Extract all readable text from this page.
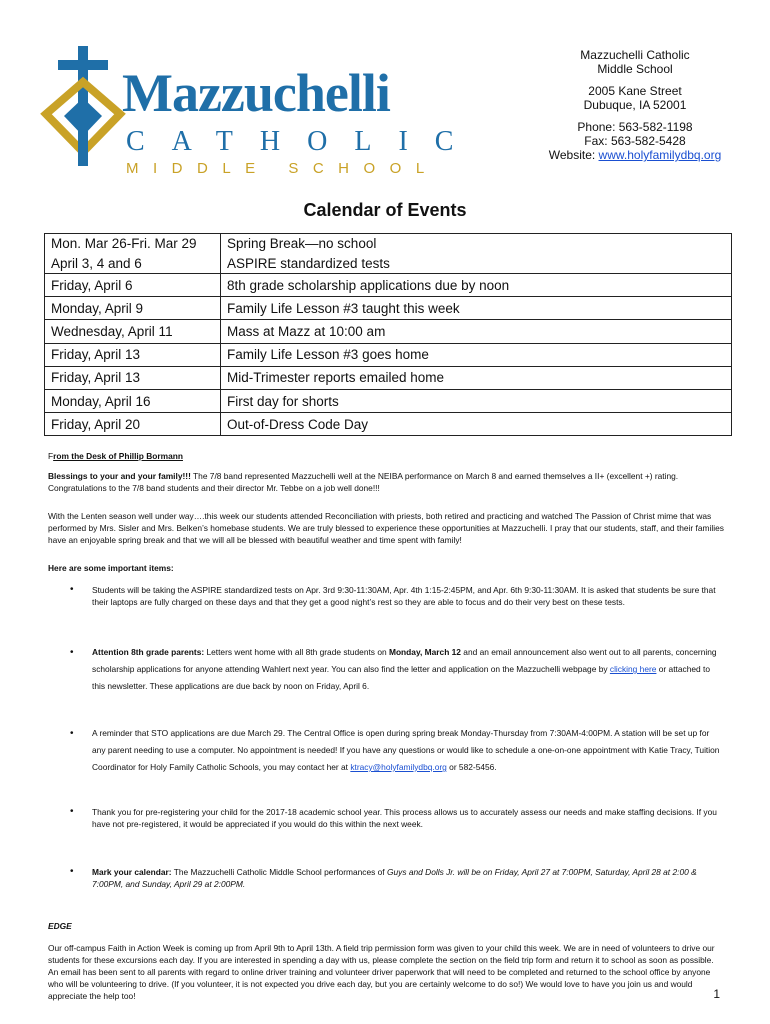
Mazzuchelli
CATHOLIC
MIDDLE SCHOOL
Mazzuchelli Catholic
Middle School
2005 Kane Street
Dubuque, IA 52001
Phone: 563-582-1198
Fax: 563-582-5428
Website: www.holyfamilydbq.org
Calendar of Events
Mon. Mar 26-Fri. Mar 29	Spring Break—no school
April 3, 4 and 6	ASPIRE standardized tests
Friday, April 6	8th grade scholarship applications due by noon
Monday, April 9	Family Life Lesson #3 taught this week
Wednesday, April 11	Mass at Mazz at 10:00 am
Friday, April 13	Family Life Lesson #3 goes home
Friday, April 13	Mid-Trimester reports emailed home
Monday, April 16	First day for shorts
Friday, April 20	Out-of-Dress Code Day

From the Desk of Phillip Bormann

Blessings to your and your family!!! The 7/8 band represented Mazzuchelli well at the NEIBA performance on March 8 and earned themselves a II+ (excellent +) rating. Congratulations to the 7/8 band students and their director Mr. Tebbe on a job well done!!!

With the Lenten season well under way….this week our students attended Reconciliation with priests, both retired and practicing and watched The Passion of Christ mime that was performed by Mrs. Sisler and Mrs. Belken’s homebase students. We are truly blessed to experience these opportunities at Mazzuchelli. I pray that our students, staff, and their families have an enjoyable spring break and that we will all be blessed with beautiful weather and time spent with family!

Here are some important items:

• Students will be taking the ASPIRE standardized tests on Apr. 3rd 9:30-11:30AM, Apr. 4th 1:15-2:45PM, and Apr. 6th 9:30-11:30AM. It is asked that students be sure that their laptops are fully charged on these days and that they get a good night’s rest so they are able to focus and do their very best on these tests.
• Attention 8th grade parents: Letters went home with all 8th grade students on Monday, March 12 and an email announcement also went out to all parents, concerning scholarship applications for anyone attending Wahlert next year. You can also find the letter and application on the Mazzuchelli webpage by clicking here or attached to this newsletter. These applications are due back by noon on Friday, April 6.
• A reminder that STO applications are due March 29. The Central Office is open during spring break Monday-Thursday from 7:30AM-4:00PM. A station will be set up for any parent needing to use a computer. No appointment is needed! If you have any questions or would like to schedule a one-on-one appointment with Katie Tracy, Tuition Coordinator for Holy Family Catholic Schools, you may contact her at ktracy@holyfamilydbq.org or 582-5456.
• Thank you for pre-registering your child for the 2017-18 academic school year. This process allows us to accurately assess our needs and make staffing decisions. If you have not pre-registered, it would be appreciated if you would do this within the next week.
• Mark your calendar: The Mazzuchelli Catholic Middle School performances of Guys and Dolls Jr. will be on Friday, April 27 at 7:00PM, Saturday, April 28 at 2:00 & 7:00PM, and Sunday, April 29 at 2:00PM.

EDGE

Our off-campus Faith in Action Week is coming up from April 9th to April 13th. A field trip permission form was given to your child this week. We are in need of volunteers to drive our students for these excursions each day. If you are interested in spending a day with us, please complete the section on the field trip form and return it to school as soon as possible. An email has been sent to all parents with regard to online driver training and volunteer driver paperwork that will need to be completed and returned to the school office by anyone who will be volunteering to drive. (If you volunteer, it is not expected you drive each day, but you are certainly welcome to do so!) We would love to have you join us and would appreciate the help too!	1
